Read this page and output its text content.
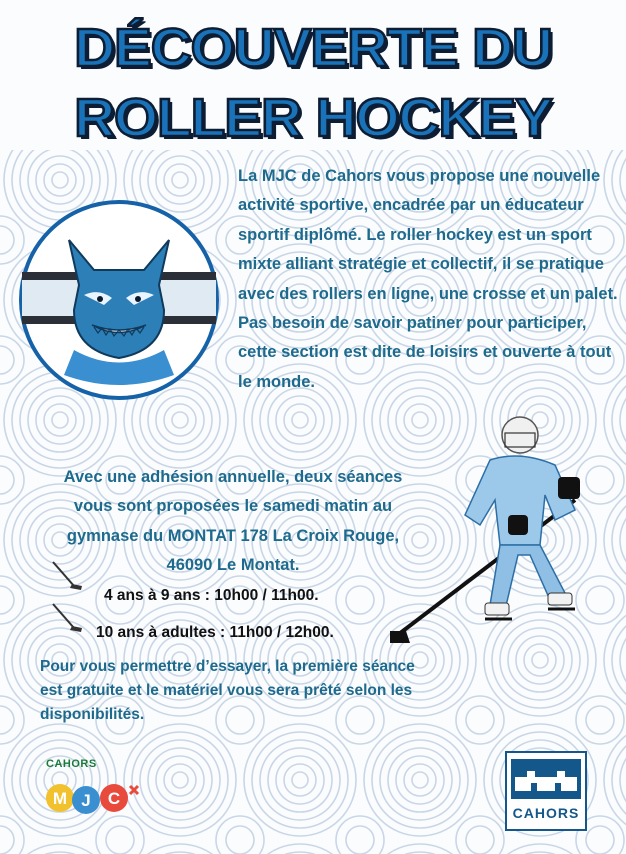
DÉCOUVERTE DU
ROLLER HOCKEY

La MJC de Cahors vous propose une nouvelle activité sportive, encadrée par un éducateur sportif diplômé. Le roller hockey est un sport mixte alliant stratégie et collectif, il se pratique avec des rollers en ligne, une crosse et un palet. Pas besoin de savoir patiner pour participer, cette section est dite de loisirs et ouverte à tout le monde.

Avec une adhésion annuelle, deux séances vous sont proposées le samedi matin au gymnase du MONTAT 178 La Croix Rouge, 46090 Le Montat.

4 ans à 9 ans : 10h00 / 11h00.

10 ans à adultes : 11h00 / 12h00.

Pour vous permettre d’essayer, la première séance est gratuite et le matériel vous sera prêté selon les disponibilités.

CAHORS

M J C

CAHORS
